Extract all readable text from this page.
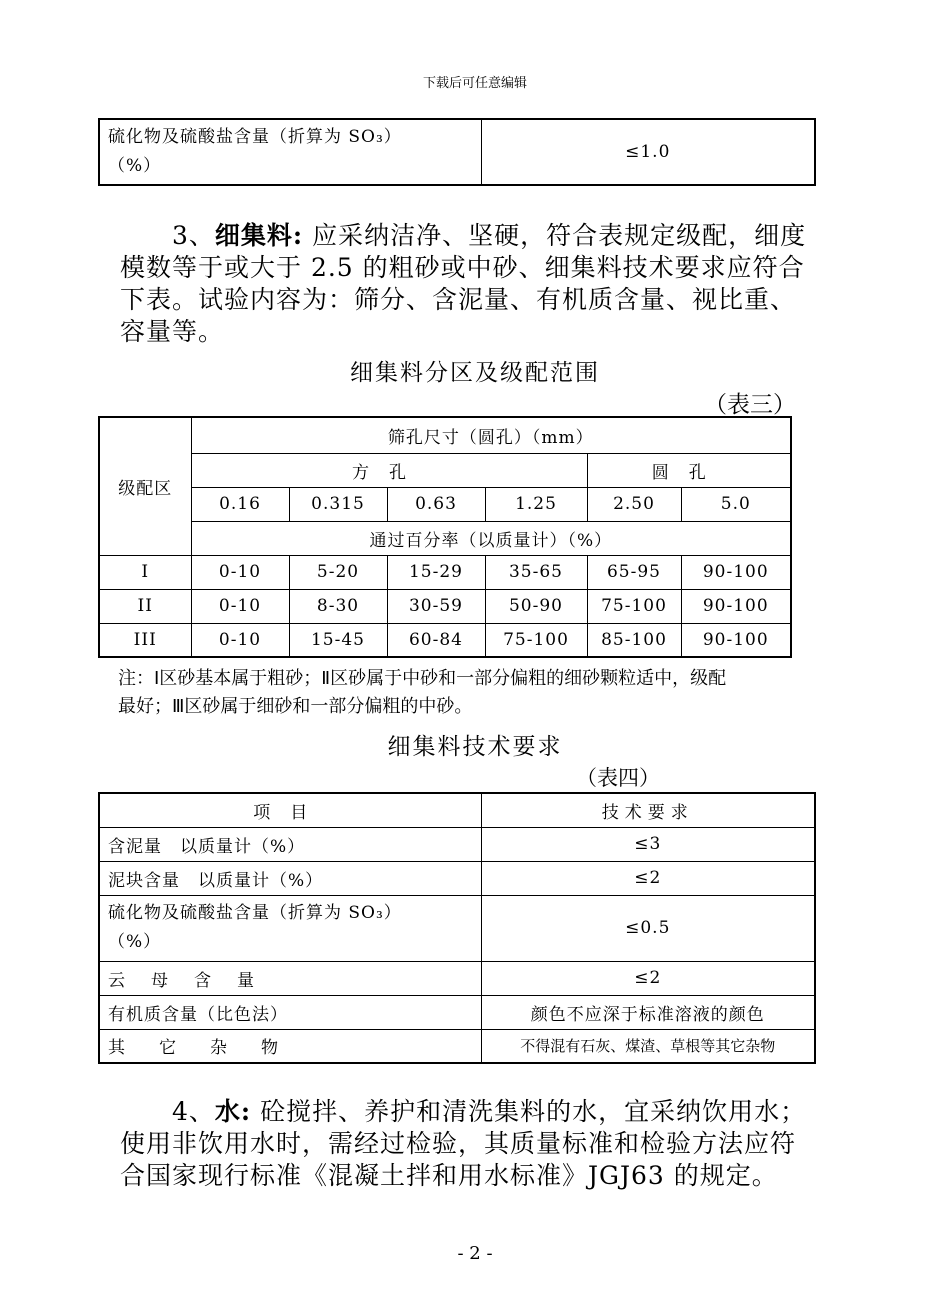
下载后可任意编辑
硫化物及硫酸盐含量（折算为 SO₃）
（%）
	≤1.0
3、细集料: 应采纳洁净、坚硬，符合表规定级配，细度
模数等于或大于 2.5 的粗砂或中砂、细集料技术要求应符合
下表。试验内容为：筛分、含泥量、有机质含量、视比重、
容量等。
细集料分区及级配范围
（表三）
级配区	筛孔尺寸（圆孔）（mm）					
	方孔				圆孔	
	0.16	0.315	0.63	1.25	2.50	5.0
	通过百分率（以质量计）（%）					
I	0-10	5-20	15-29	35-65	65-95	90-100
II	0-10	8-30	30-59	50-90	75-100	90-100
III	0-10	15-45	60-84	75-100	85-100	90-100
注：Ⅰ区砂基本属于粗砂；Ⅱ区砂属于中砂和一部分偏粗的细砂颗粒适中，级配
最好；Ⅲ区砂属于细砂和一部分偏粗的中砂。
细集料技术要求
（表四）
项目	技术要求
含泥量　以质量计（%）	≤3
泥块含量　以质量计（%）	≤2

硫化物及硫酸盐含量（折算为 SO₃）
（%）	≤0.5
云母含量	≤2
有机质含量（比色法）	颜色不应深于标准溶液的颜色
其它杂物	不得混有石灰、煤渣、草根等其它杂物
4、水: 砼搅拌、养护和清洗集料的水，宜采纳饮用水；
使用非饮用水时，需经过检验，其质量标准和检验方法应符
合国家现行标准《混凝土拌和用水标准》JGJ63 的规定。
- 2 -
